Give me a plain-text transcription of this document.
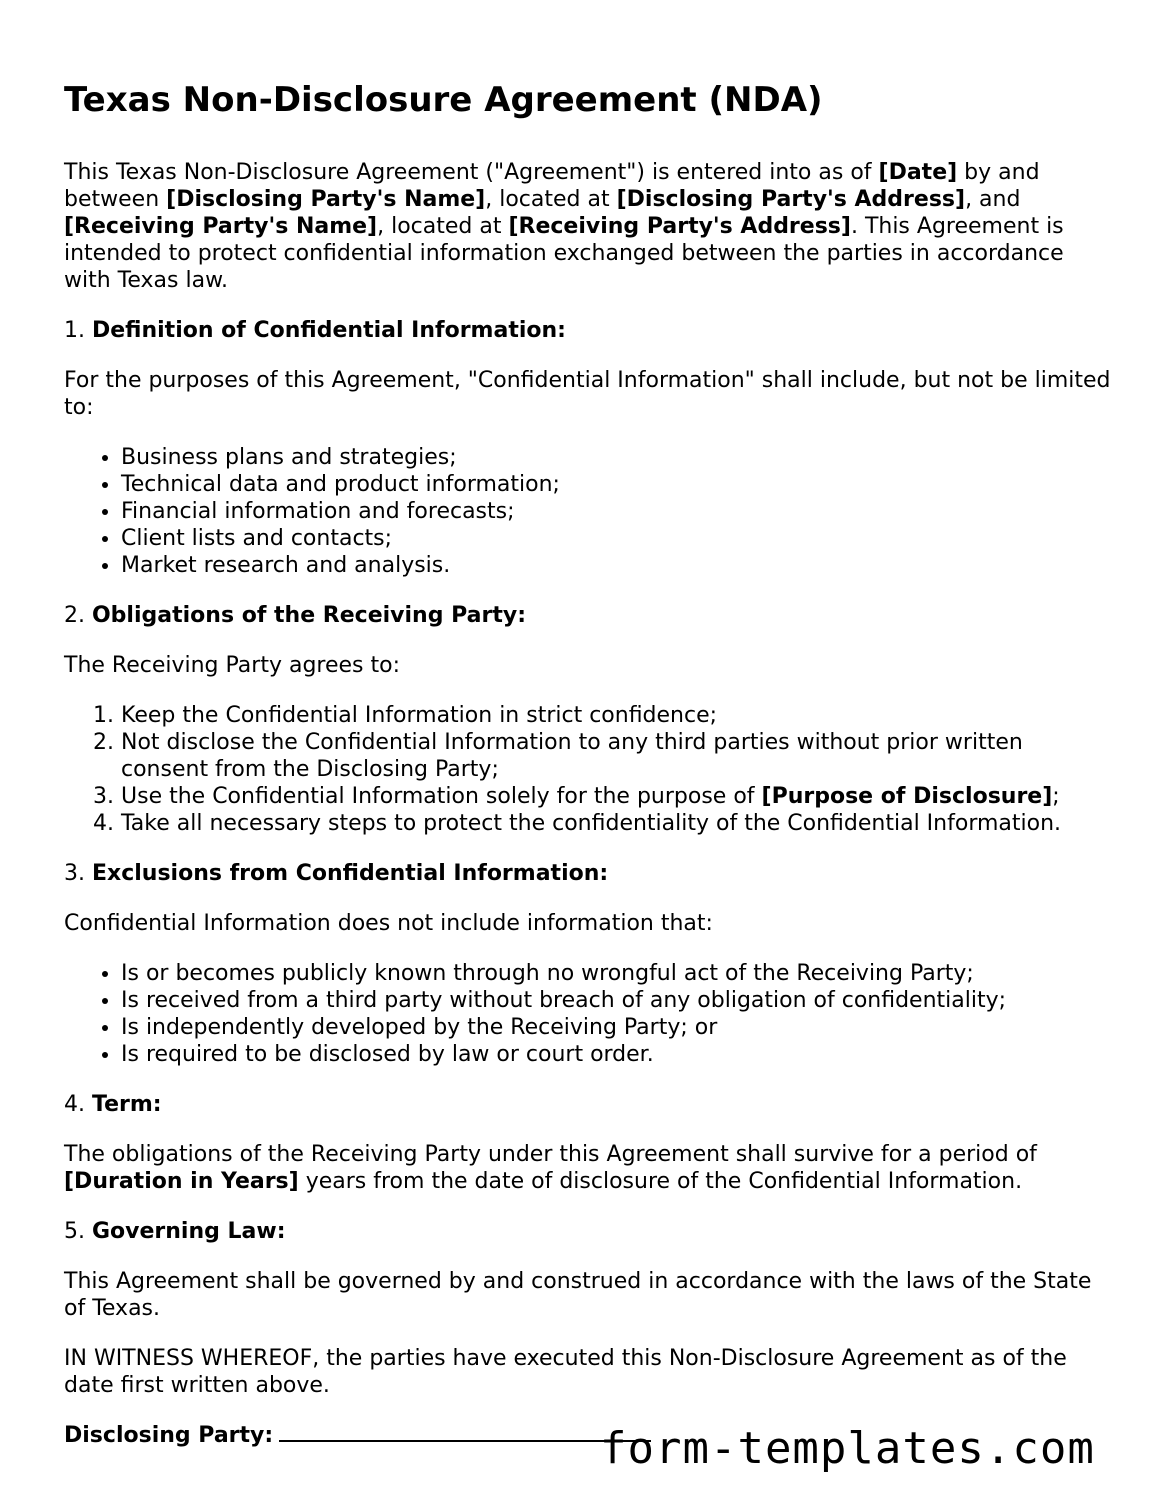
Texas Non-Disclosure Agreement (NDA)

This Texas Non-Disclosure Agreement ("Agreement") is entered into as of [Date] by and between [Disclosing Party's Name], located at [Disclosing Party's Address], and [Receiving Party's Name], located at [Receiving Party's Address]. This Agreement is intended to protect confidential information exchanged between the parties in accordance with Texas law.

1. Definition of Confidential Information:

For the purposes of this Agreement, "Confidential Information" shall include, but not be limited to:

• Business plans and strategies;
• Technical data and product information;
• Financial information and forecasts;
• Client lists and contacts;
• Market research and analysis.

2. Obligations of the Receiving Party:

The Receiving Party agrees to:

1. Keep the Confidential Information in strict confidence;
2. Not disclose the Confidential Information to any third parties without prior written consent from the Disclosing Party;
3. Use the Confidential Information solely for the purpose of [Purpose of Disclosure];
4. Take all necessary steps to protect the confidentiality of the Confidential Information.

3. Exclusions from Confidential Information:

Confidential Information does not include information that:

• Is or becomes publicly known through no wrongful act of the Receiving Party;
• Is received from a third party without breach of any obligation of confidentiality;
• Is independently developed by the Receiving Party; or
• Is required to be disclosed by law or court order.

4. Term:

The obligations of the Receiving Party under this Agreement shall survive for a period of [Duration in Years] years from the date of disclosure of the Confidential Information.

5. Governing Law:

This Agreement shall be governed by and construed in accordance with the laws of the State of Texas.

IN WITNESS WHEREOF, the parties have executed this Non-Disclosure Agreement as of the date first written above.

Disclosing Party:	form-templates.com
